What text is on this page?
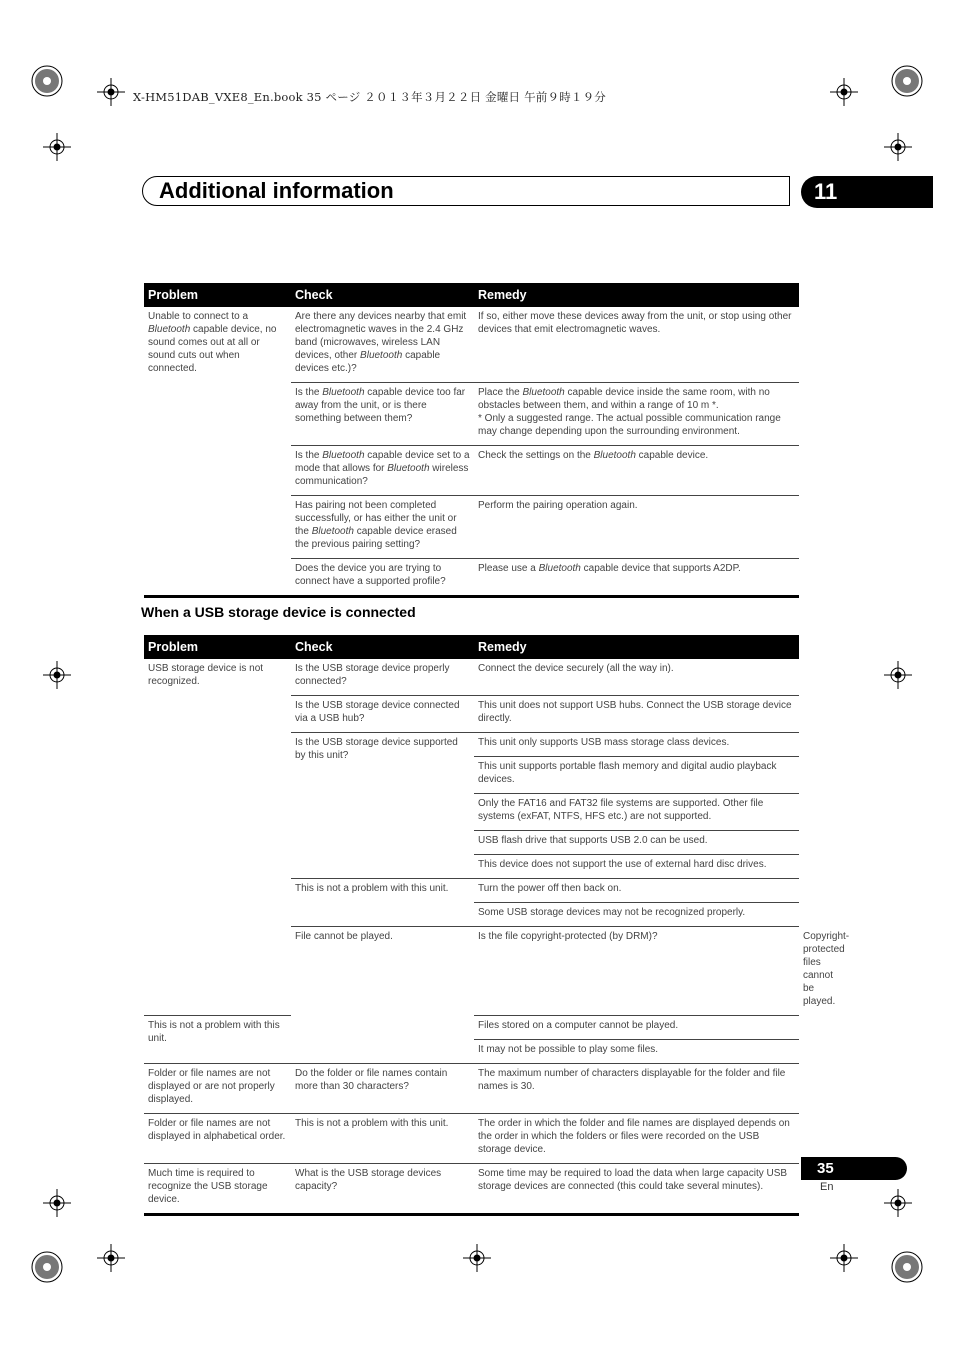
X-HM51DAB_VXE8_En.book 35 ページ ２０１３年３月２２日 金曜日 午前９時１９分
Additional information	11
Problem	Check	Remedy
Unable to connect to a Bluetooth capable device, no sound comes out at all or sound cuts out when connected.	Are there any devices nearby that emit electromagnetic waves in the 2.4 GHz band (microwaves, wireless LAN devices, other Bluetooth capable devices etc.)?	If so, either move these devices away from the unit, or stop using other devices that emit electromagnetic waves.
	Is the Bluetooth capable device too far away from the unit, or is there something between them?	Place the Bluetooth capable device inside the same room, with no obstacles between them, and within a range of 10 m *.
* Only a suggested range. The actual possible communication range may change depending upon the surrounding environment.
	Is the Bluetooth capable device set to a mode that allows for Bluetooth wireless communication?	Check the settings on the Bluetooth capable device.
	Has pairing not been completed successfully, or has either the unit or the Bluetooth capable device erased the previous pairing setting?	Perform the pairing operation again.
	Does the device you are trying to connect have a supported profile?	Please use a Bluetooth capable device that supports A2DP.
When a USB storage device is connected
Problem	Check	Remedy	
USB storage device is not recognized.	Is the USB storage device properly connected?	Connect the device securely (all the way in).	
	Is the USB storage device connected via a USB hub?	This unit does not support USB hubs. Connect the USB storage device directly.	
	Is the USB storage device supported by this unit?	This unit only supports USB mass storage class devices.	
		This unit supports portable flash memory and digital audio playback devices.	
		Only the FAT16 and FAT32 file systems are supported. Other file systems (exFAT, NTFS, HFS etc.) are not supported.	
		USB flash drive that supports USB 2.0 can be used.	
		This device does not support the use of external hard disc drives.	
	This is not a problem with this unit.	Turn the power off then back on.	
		Some USB storage devices may not be recognized properly.	
	File cannot be played.	Is the file copyright-protected (by DRM)?	Copyright-protected files cannot be played.
This is not a problem with this unit.		Files stored on a computer cannot be played.	
		It may not be possible to play some files.	
Folder or file names are not displayed or are not properly displayed.	Do the folder or file names contain more than 30 characters?	The maximum number of characters displayable for the folder and file names is 30.	
Folder or file names are not displayed in alphabetical order.	This is not a problem with this unit.	The order in which the folder and file names are displayed depends on the order in which the folders or files were recorded on the USB storage device.	
Much time is required to recognize the USB storage device.	What is the USB storage devices capacity?	Some time may be required to load the data when large capacity USB storage devices are connected (this could take several minutes).	
35
En
